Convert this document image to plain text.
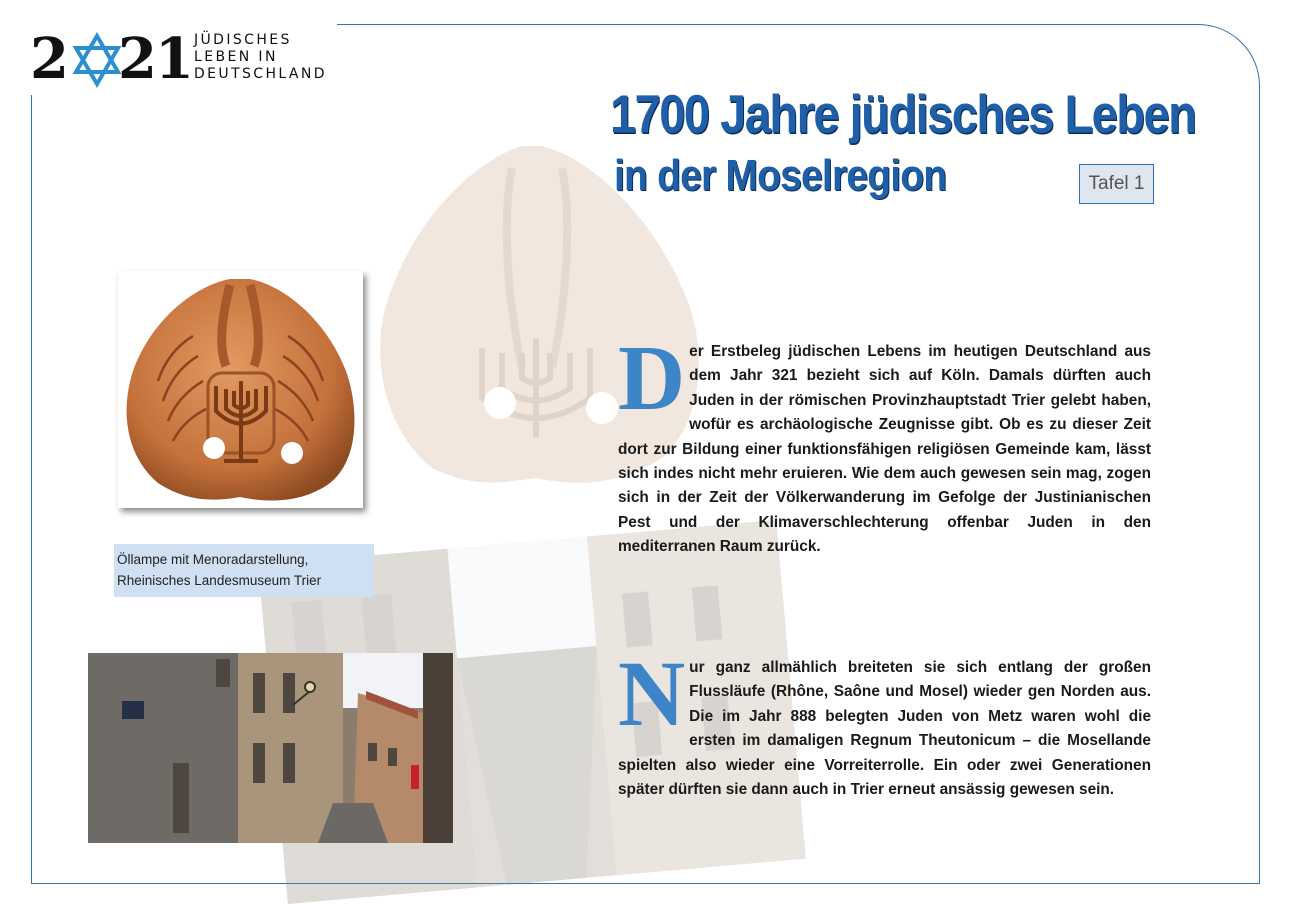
2 21 JÜDISCHES
LEBEN IN
DEUTSCHLAND
1700 Jahre jüdisches Leben
in der Moselregion	Tafel 1
Öllampe mit Menoradarstellung,
Rheinisches Landesmuseum Trier
Der Erstbeleg jüdischen Lebens im heutigen Deutschland aus dem Jahr 321 bezieht sich auf Köln. Damals dürften auch Juden in der römischen Provinzhauptstadt Trier gelebt haben, wofür es archäologische Zeugnisse gibt. Ob es zu dieser Zeit dort zur Bildung einer funktionsfähigen religiösen Gemeinde kam, lässt sich indes nicht mehr eruieren. Wie dem auch gewesen sein mag, zogen sich in der Zeit der Völkerwanderung im Gefolge der Justinianischen Pest und der Klimaverschlechterung offenbar Juden in den mediterranen Raum zurück.
Nur ganz allmählich breiteten sie sich entlang der großen Flussläufe (Rhône, Saône und Mosel) wieder gen Norden aus. Die im Jahr 888 belegten Juden von Metz waren wohl die ersten im damaligen Regnum Theutonicum – die Mosellande spielten also wieder eine Vorreiterrolle. Ein oder zwei Generationen später dürften sie dann auch in Trier erneut ansässig gewesen sein.
